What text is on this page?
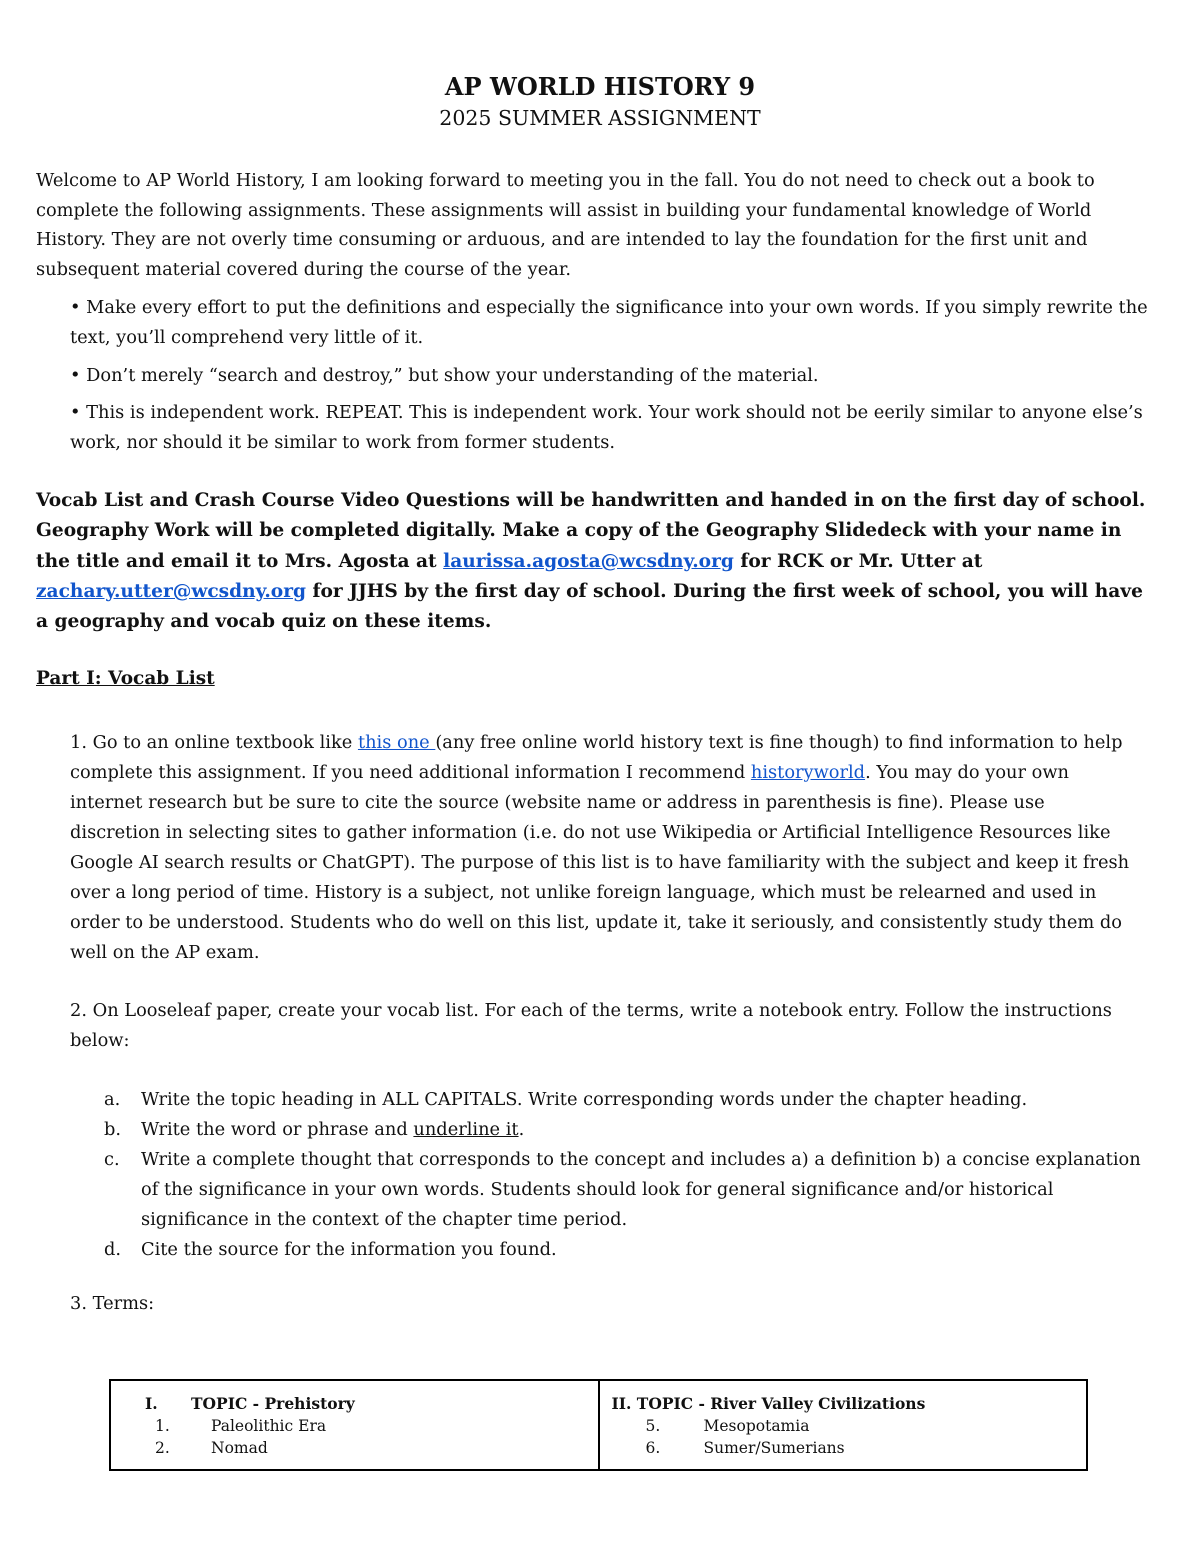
AP WORLD HISTORY 9
2025 SUMMER ASSIGNMENT
Welcome to AP World History, I am looking forward to meeting you in the fall. You do not need to check out a book to complete the following assignments. These assignments will assist in building your fundamental knowledge of World History. They are not overly time consuming or arduous, and are intended to lay the foundation for the first unit and subsequent material covered during the course of the year.

• Make every effort to put the definitions and especially the significance into your own words. If you simply rewrite the text, you’ll comprehend very little of it.

• Don’t merely “search and destroy,” but show your understanding of the material.

• This is independent work. REPEAT. This is independent work. Your work should not be eerily similar to anyone else’s work, nor should it be similar to work from former students.

Vocab List and Crash Course Video Questions will be handwritten and handed in on the first day of school. Geography Work will be completed digitally. Make a copy of the Geography Slidedeck with your name in the title and email it to Mrs. Agosta at laurissa.agosta@wcsdny.org for RCK or Mr. Utter at zachary.utter@wcsdny.org for JJHS by the first day of school. During the first week of school, you will have a geography and vocab quiz on these items.
Part I: Vocab List
1. Go to an online textbook like this one (any free online world history text is fine though) to find information to help complete this assignment. If you need additional information I recommend historyworld. You may do your own internet research but be sure to cite the source (website name or address in parenthesis is fine). Please use discretion in selecting sites to gather information (i.e. do not use Wikipedia or Artificial Intelligence Resources like Google AI search results or ChatGPT). The purpose of this list is to have familiarity with the subject and keep it fresh over a long period of time. History is a subject, not unlike foreign language, which must be relearned and used in order to be understood. Students who do well on this list, update it, take it seriously, and consistently study them do well on the AP exam.
2. On Looseleaf paper, create your vocab list. For each of the terms, write a notebook entry. Follow the instructions below:
a.	Write the topic heading in ALL CAPITALS. Write corresponding words under the chapter heading.
b.	Write the word or phrase and underline it.
c.	Write a complete thought that corresponds to the concept and includes a) a definition b) a concise explanation of the significance in your own words. Students should look for general significance and/or historical significance in the context of the chapter time period.
d.	Cite the source for the information you found.
3. Terms:
I. TOPIC - Prehistory
1.	Paleolithic Era
2.	Nomad
II. TOPIC - River Valley Civilizations
5.	Mesopotamia
6.	Sumer/Sumerians
